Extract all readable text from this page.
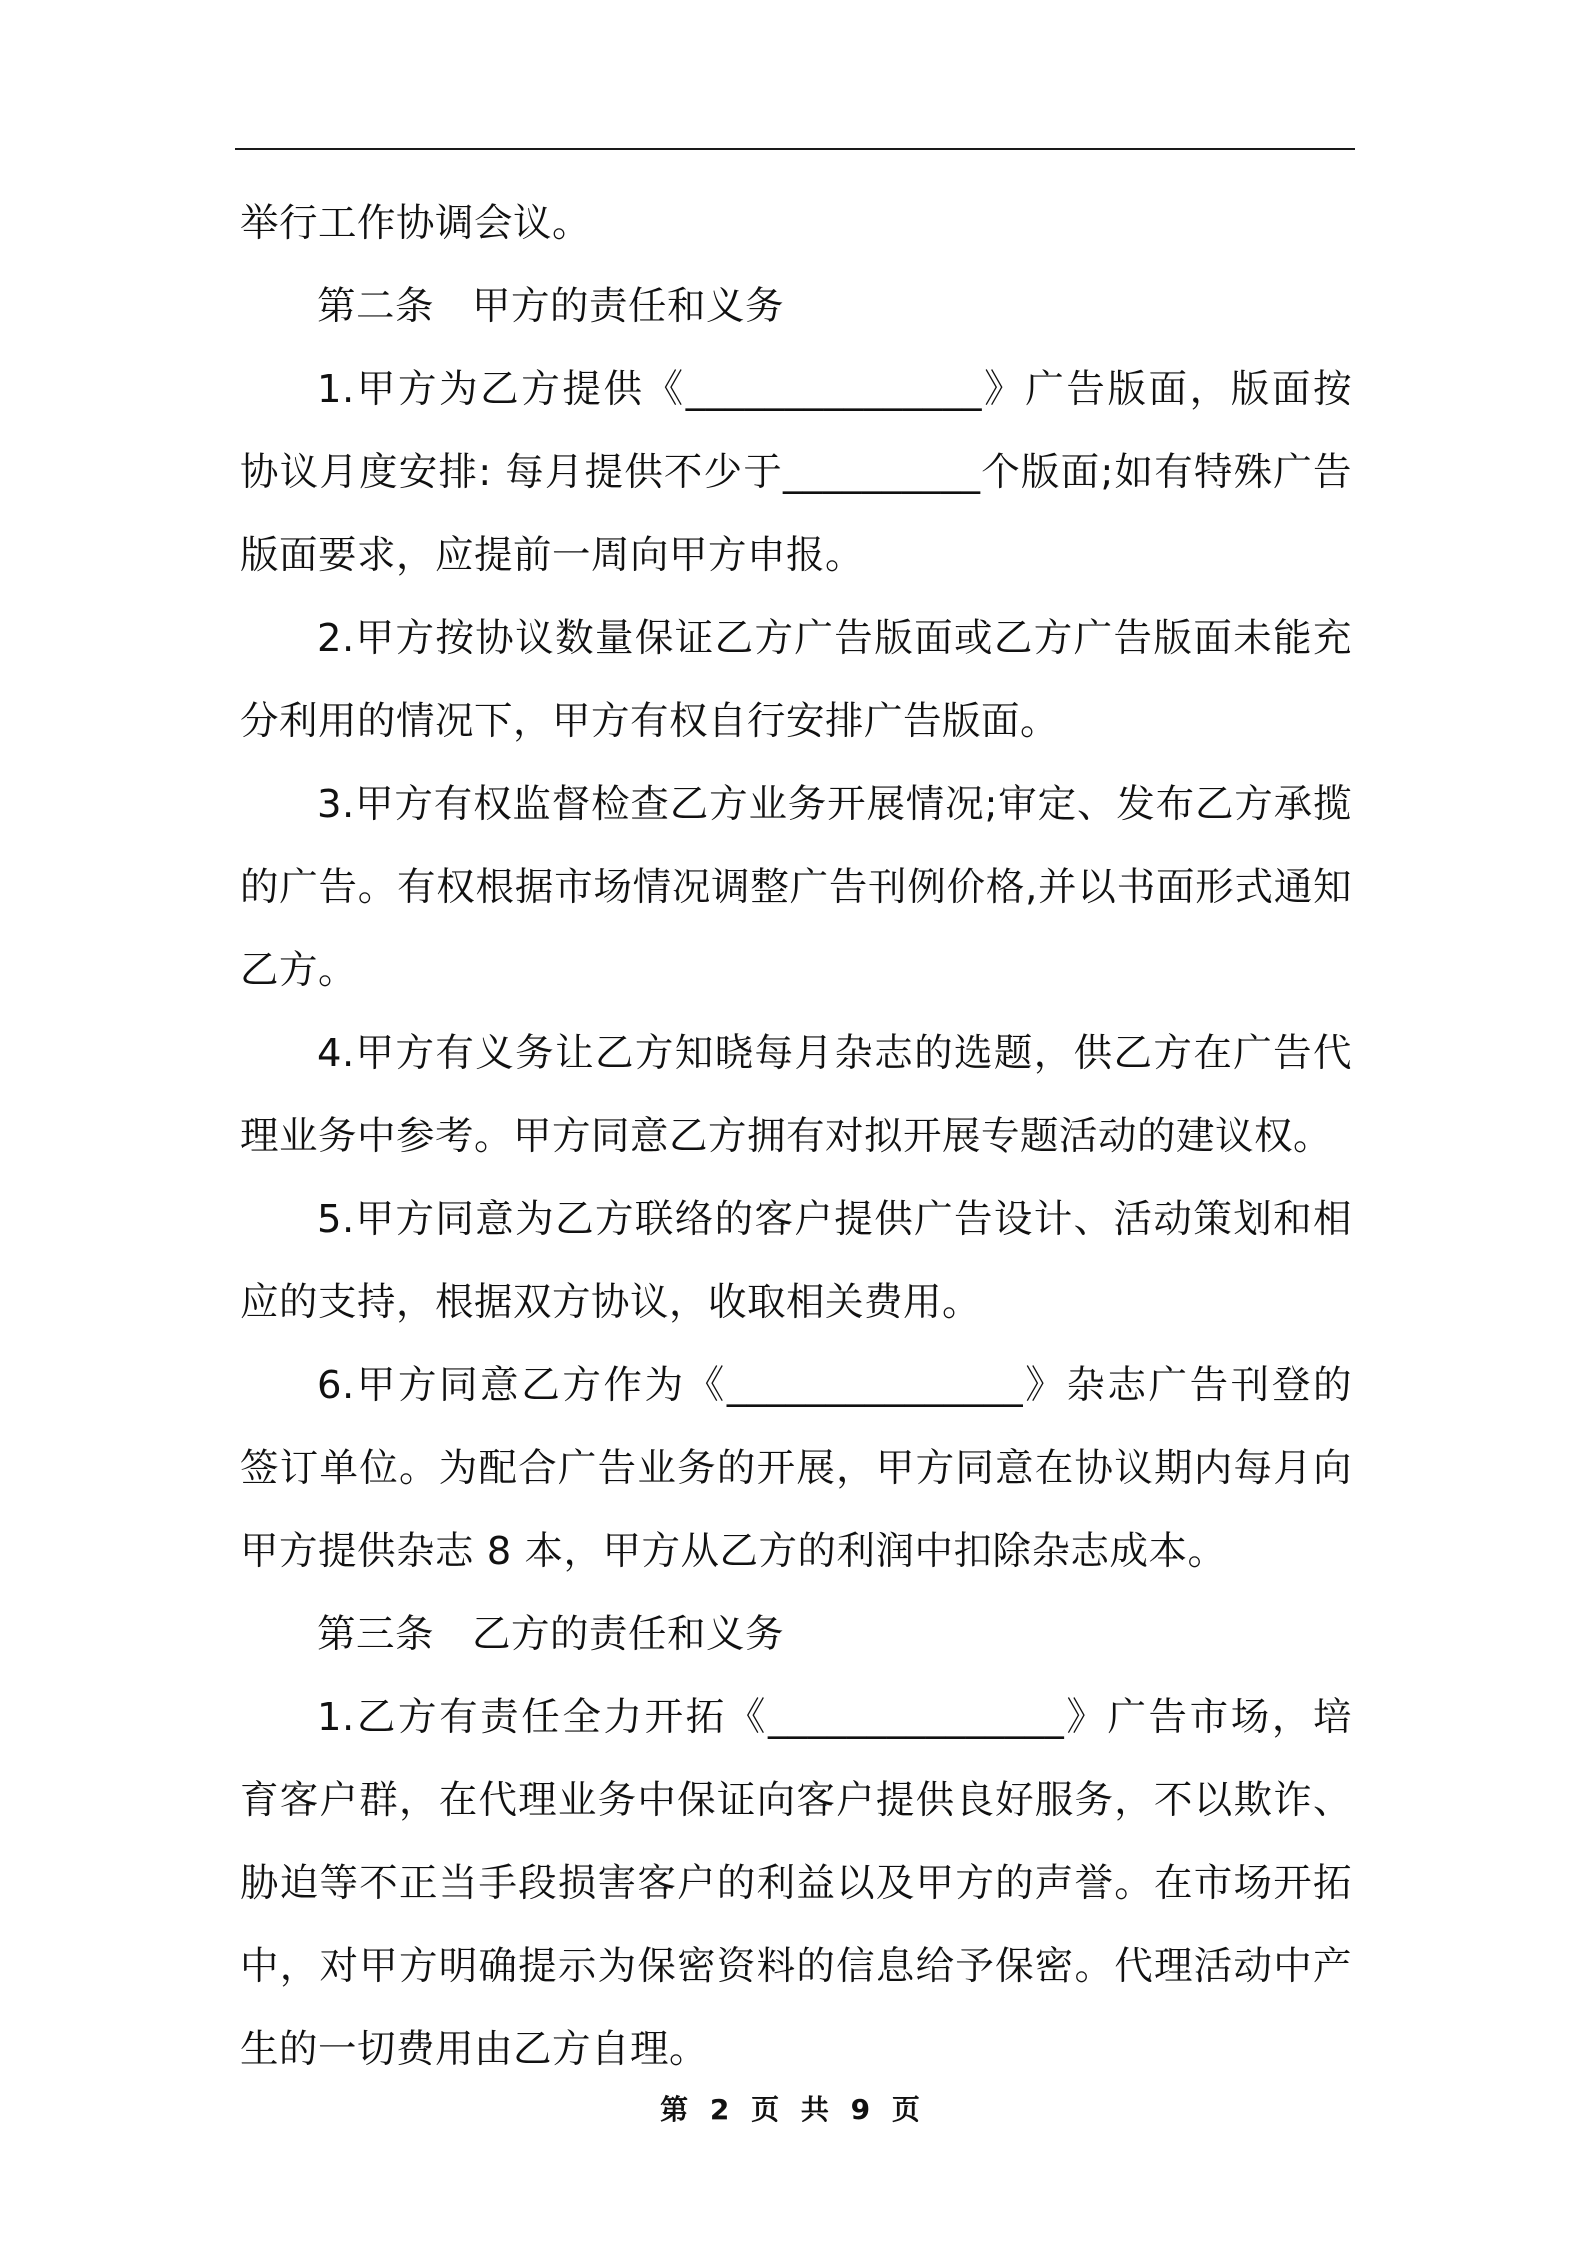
举行工作协调会议。

第二条 甲方的责任和义务

1.甲方为乙方提供《_______________》广告版面，版面按协议月度安排: 每月提供不少于__________个版面;如有特殊广告版面要求，应提前一周向甲方申报。

2.甲方按协议数量保证乙方广告版面或乙方广告版面未能充分利用的情况下，甲方有权自行安排广告版面。

3.甲方有权监督检查乙方业务开展情况;审定、发布乙方承揽的广告。有权根据市场情况调整广告刊例价格,并以书面形式通知乙方。

4.甲方有义务让乙方知晓每月杂志的选题，供乙方在广告代理业务中参考。甲方同意乙方拥有对拟开展专题活动的建议权。

5.甲方同意为乙方联络的客户提供广告设计、活动策划和相应的支持，根据双方协议，收取相关费用。

6.甲方同意乙方作为《_______________》杂志广告刊登的签订单位。为配合广告业务的开展，甲方同意在协议期内每月向甲方提供杂志 8 本，甲方从乙方的利润中扣除杂志成本。

第三条 乙方的责任和义务

1.乙方有责任全力开拓《_______________》广告市场，培育客户群，在代理业务中保证向客户提供良好服务，不以欺诈、胁迫等不正当手段损害客户的利益以及甲方的声誉。在市场开拓中，对甲方明确提示为保密资料的信息给予保密。代理活动中产生的一切费用由乙方自理。

第 2 页 共 9 页
